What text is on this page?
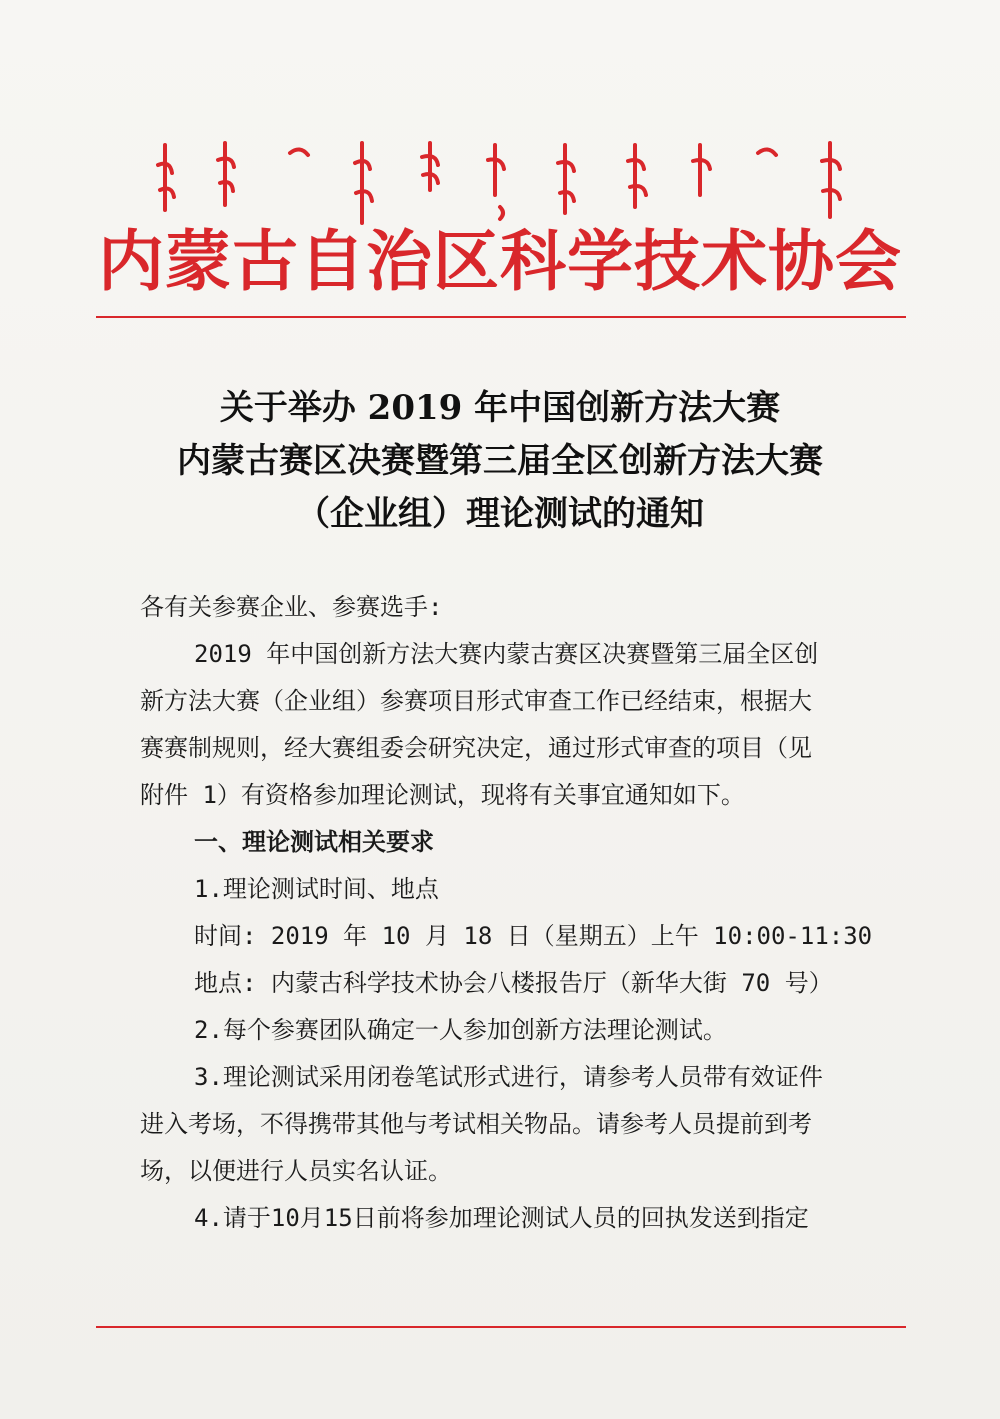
内蒙古自治区科学技术协会
关于举办 2019 年中国创新方法大赛
内蒙古赛区决赛暨第三届全区创新方法大赛
（企业组）理论测试的通知
各有关参赛企业、参赛选手:
2019 年中国创新方法大赛内蒙古赛区决赛暨第三届全区创
新方法大赛（企业组）参赛项目形式审查工作已经结束，根据大
赛赛制规则，经大赛组委会研究决定，通过形式审查的项目（见
附件 1）有资格参加理论测试，现将有关事宜通知如下。
一、理论测试相关要求
1.理论测试时间、地点
时间: 2019 年 10 月 18 日（星期五）上午 10:00-11:30
地点: 内蒙古科学技术协会八楼报告厅（新华大街 70 号）
2.每个参赛团队确定一人参加创新方法理论测试。
3.理论测试采用闭卷笔试形式进行，请参考人员带有效证件
进入考场，不得携带其他与考试相关物品。请参考人员提前到考
场，以便进行人员实名认证。
4.请于10月15日前将参加理论测试人员的回执发送到指定
